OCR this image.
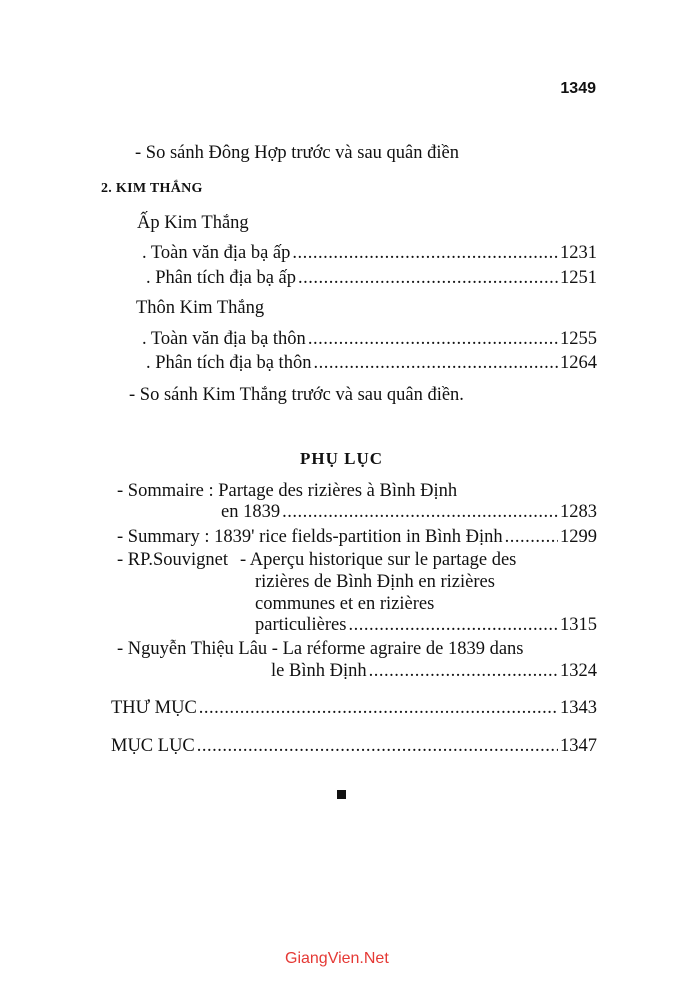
1349
- So sánh Đông Hợp trước và sau quân điền
2. KIM THẮNG
Ấp Kim Thắng
. Toàn văn địa bạ ấp .....	1231
. Phân tích địa bạ ấp .....	1251
Thôn Kim Thắng
. Toàn văn địa bạ thôn .....	1255
. Phân tích địa bạ thôn .....	1264
- So sánh Kim Thắng trước và sau quân điền.
PHỤ LỤC
- Sommaire : Partage des rizières à Bình Định
en 1839 .....	1283
- Summary : 1839' rice fields-partition in Bình Định .....	1299
- RP.Souvignet - Aperçu historique sur le partage des
rizières de Bình Định en rizières
communes et en rizières
particulières .....	1315
- Nguyễn Thiệu Lâu - La réforme agraire de 1839 dans
le Bình Định .....	1324
THƯ MỤC .....	1343
MỤC LỤC .....	1347
GiangVien.Net
